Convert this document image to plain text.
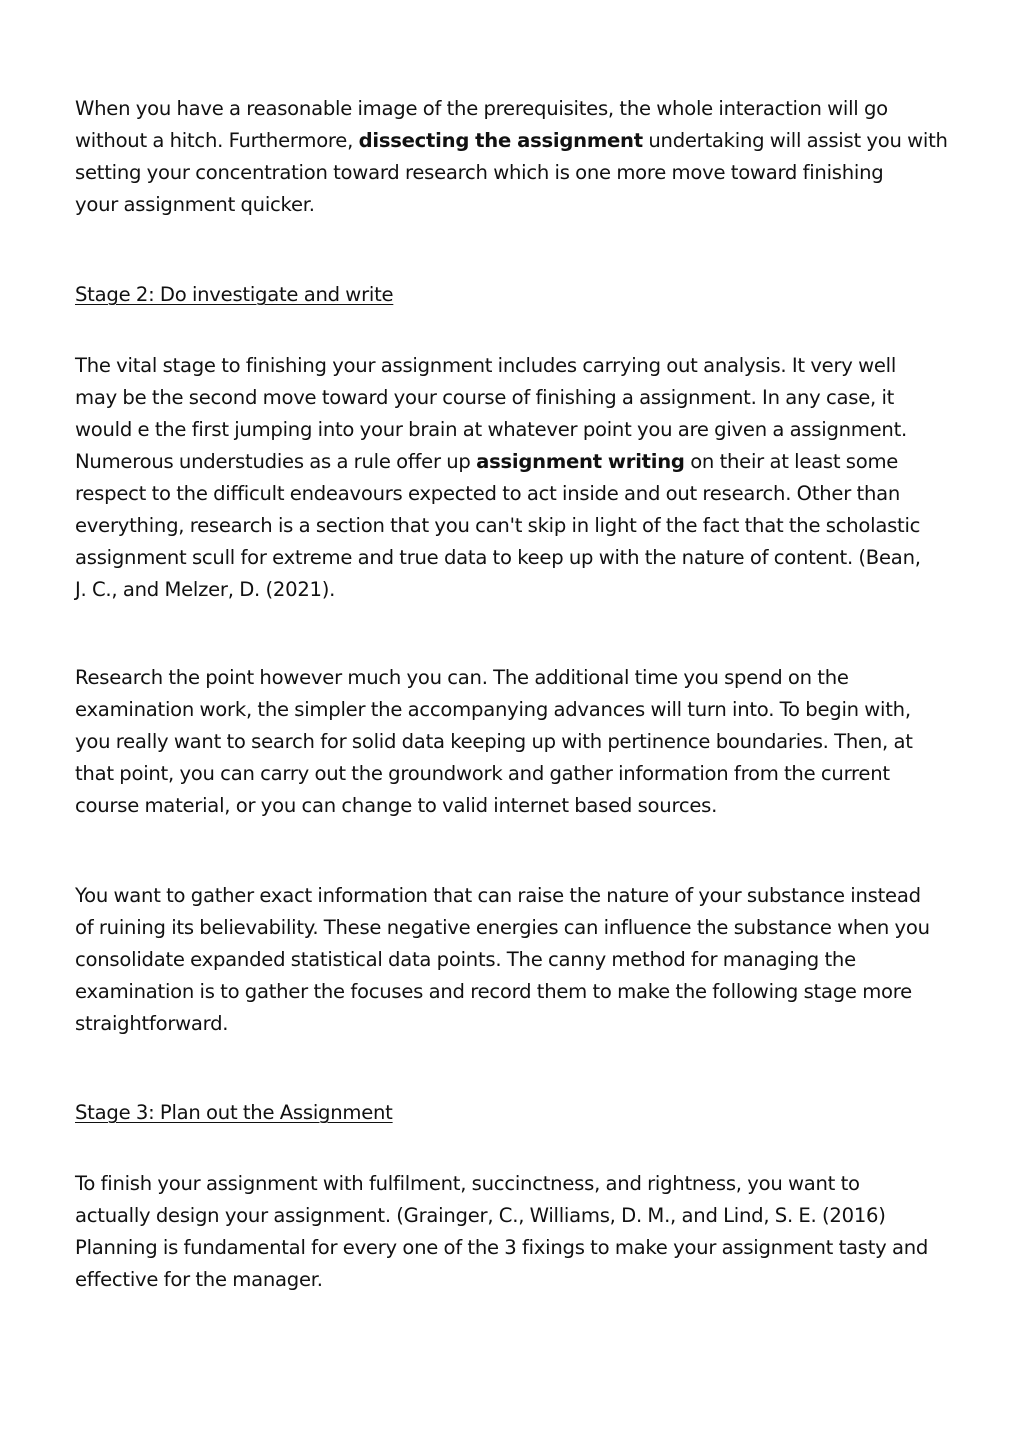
When you have a reasonable image of the prerequisites, the whole interaction will go
without a hitch. Furthermore, dissecting the assignment undertaking will assist you with
setting your concentration toward research which is one more move toward finishing
your assignment quicker.

Stage 2: Do investigate and write

The vital stage to finishing your assignment includes carrying out analysis. It very well
may be the second move toward your course of finishing a assignment. In any case, it
would e the first jumping into your brain at whatever point you are given a assignment.
Numerous understudies as a rule offer up assignment writing on their at least some
respect to the difficult endeavours expected to act inside and out research. Other than
everything, research is a section that you can't skip in light of the fact that the scholastic
assignment scull for extreme and true data to keep up with the nature of content. (Bean,
J. C., and Melzer, D. (2021).

Research the point however much you can. The additional time you spend on the
examination work, the simpler the accompanying advances will turn into. To begin with,
you really want to search for solid data keeping up with pertinence boundaries. Then, at
that point, you can carry out the groundwork and gather information from the current
course material, or you can change to valid internet based sources.

You want to gather exact information that can raise the nature of your substance instead
of ruining its believability. These negative energies can influence the substance when you
consolidate expanded statistical data points. The canny method for managing the
examination is to gather the focuses and record them to make the following stage more
straightforward.

Stage 3: Plan out the Assignment

To finish your assignment with fulfilment, succinctness, and rightness, you want to
actually design your assignment. (Grainger, C., Williams, D. M., and Lind, S. E. (2016)
Planning is fundamental for every one of the 3 fixings to make your assignment tasty and
effective for the manager.
